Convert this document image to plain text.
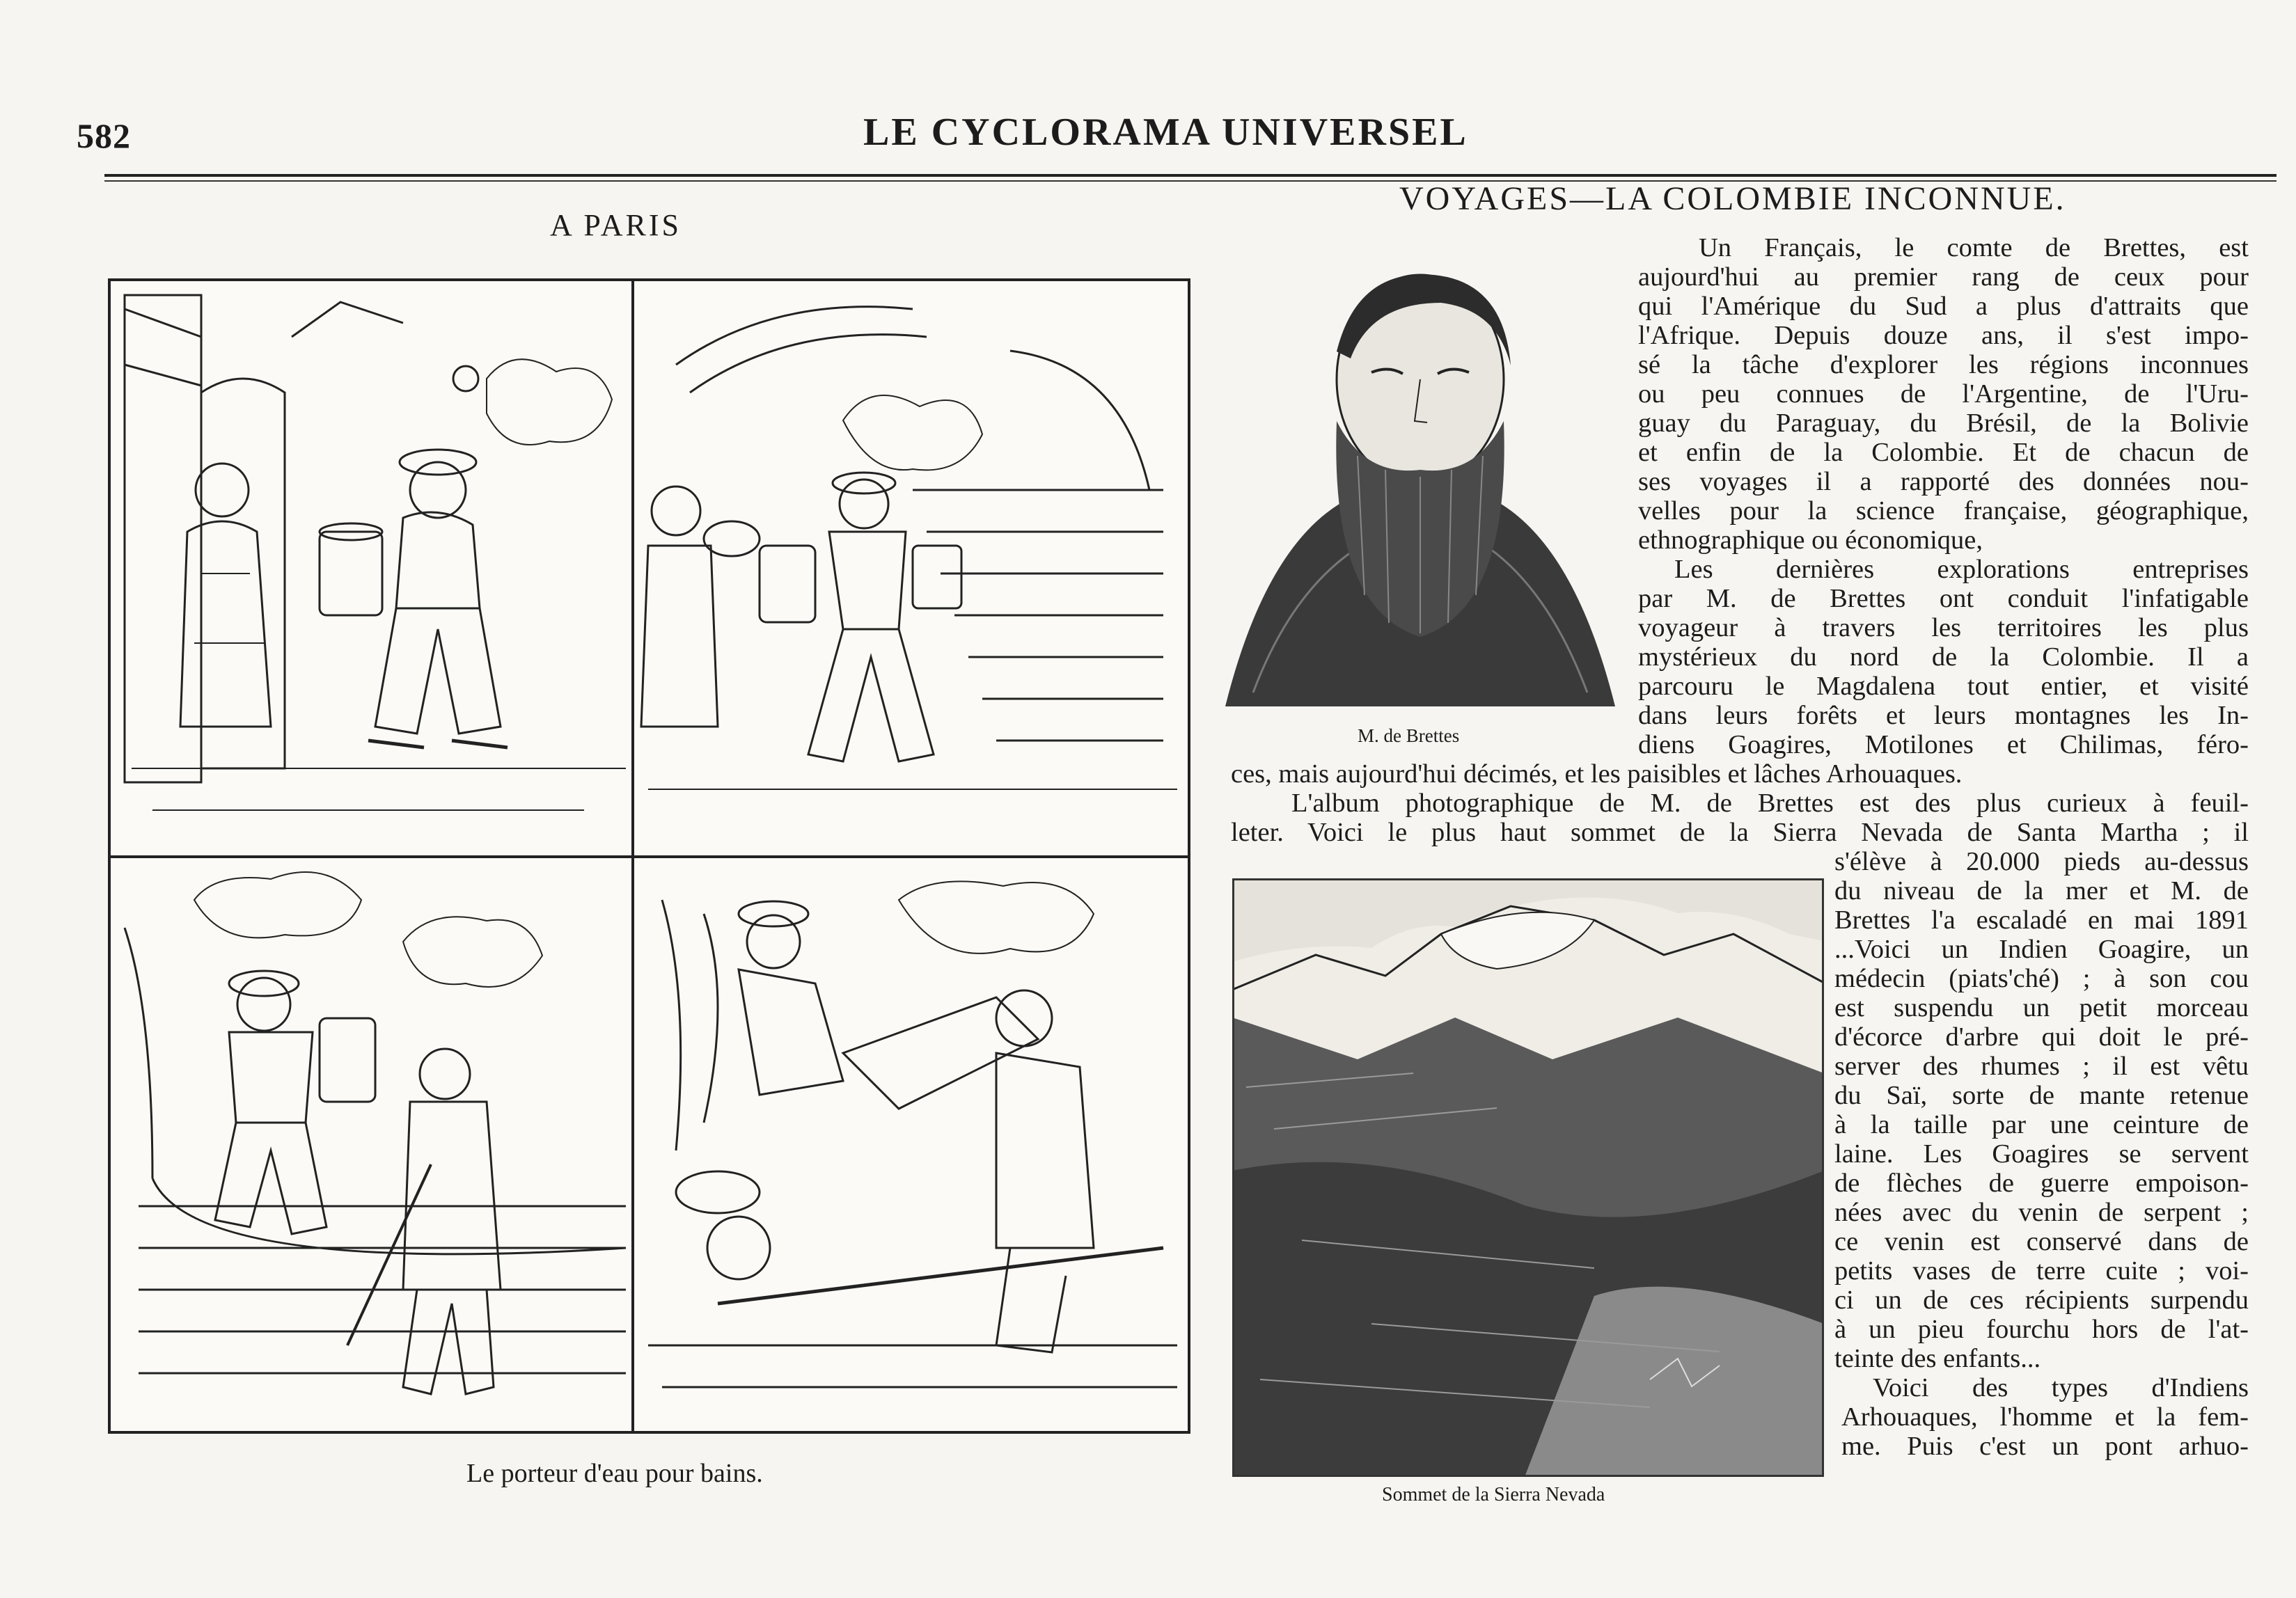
582	LE CYCLORAMA UNIVERSEL
A PARIS
Le porteur d'eau pour bains.
VOYAGES—LA COLOMBIE INCONNUE.
M. de Brettes
Un Français, le comte de Brettes, est
aujourd'hui au premier rang de ceux pour
qui l'Amérique du Sud a plus d'attraits que
l'Afrique. Depuis douze ans, il s'est impo-
sé la tâche d'explorer les régions inconnues
ou peu connues de l'Argentine, de l'Uru-
guay du Paraguay, du Brésil, de la Bolivie
et enfin de la Colombie. Et de chacun de
ses voyages il a rapporté des données nou-
velles pour la science française, géographique,
ethnographique ou économique,
Les dernières explorations entreprises
par M. de Brettes ont conduit l'infatigable
voyageur à travers les territoires les plus
mystérieux du nord de la Colombie. Il a
parcouru le Magdalena tout entier, et visité
dans leurs forêts et leurs montagnes les In-
diens Goagires, Motilones et Chilimas, féro-
ces, mais aujourd'hui décimés, et les paisibles et lâches Arhouaques.
L'album photographique de M. de Brettes est des plus curieux à feuil-
leter. Voici le plus haut sommet de la Sierra Nevada de Santa Martha ; il
s'élève à 20.000 pieds au-dessus
du niveau de la mer et M. de
Brettes l'a escaladé en mai 1891
...Voici un Indien Goagire, un
médecin (piats'ché) ; à son cou
est suspendu un petit morceau
d'écorce d'arbre qui doit le pré-
server des rhumes ; il est vêtu
du Saï, sorte de mante retenue
à la taille par une ceinture de
laine. Les Goagires se servent
de flèches de guerre empoison-
nées avec du venin de serpent ;
ce venin est conservé dans de
petits vases de terre cuite ; voi-
ci un de ces récipients surpendu
à un pieu fourchu hors de l'at-
teinte des enfants...
Voici des types d'Indiens
Arhouaques, l'homme et la fem-
me. Puis c'est un pont arhuo-
Sommet de la Sierra Nevada
